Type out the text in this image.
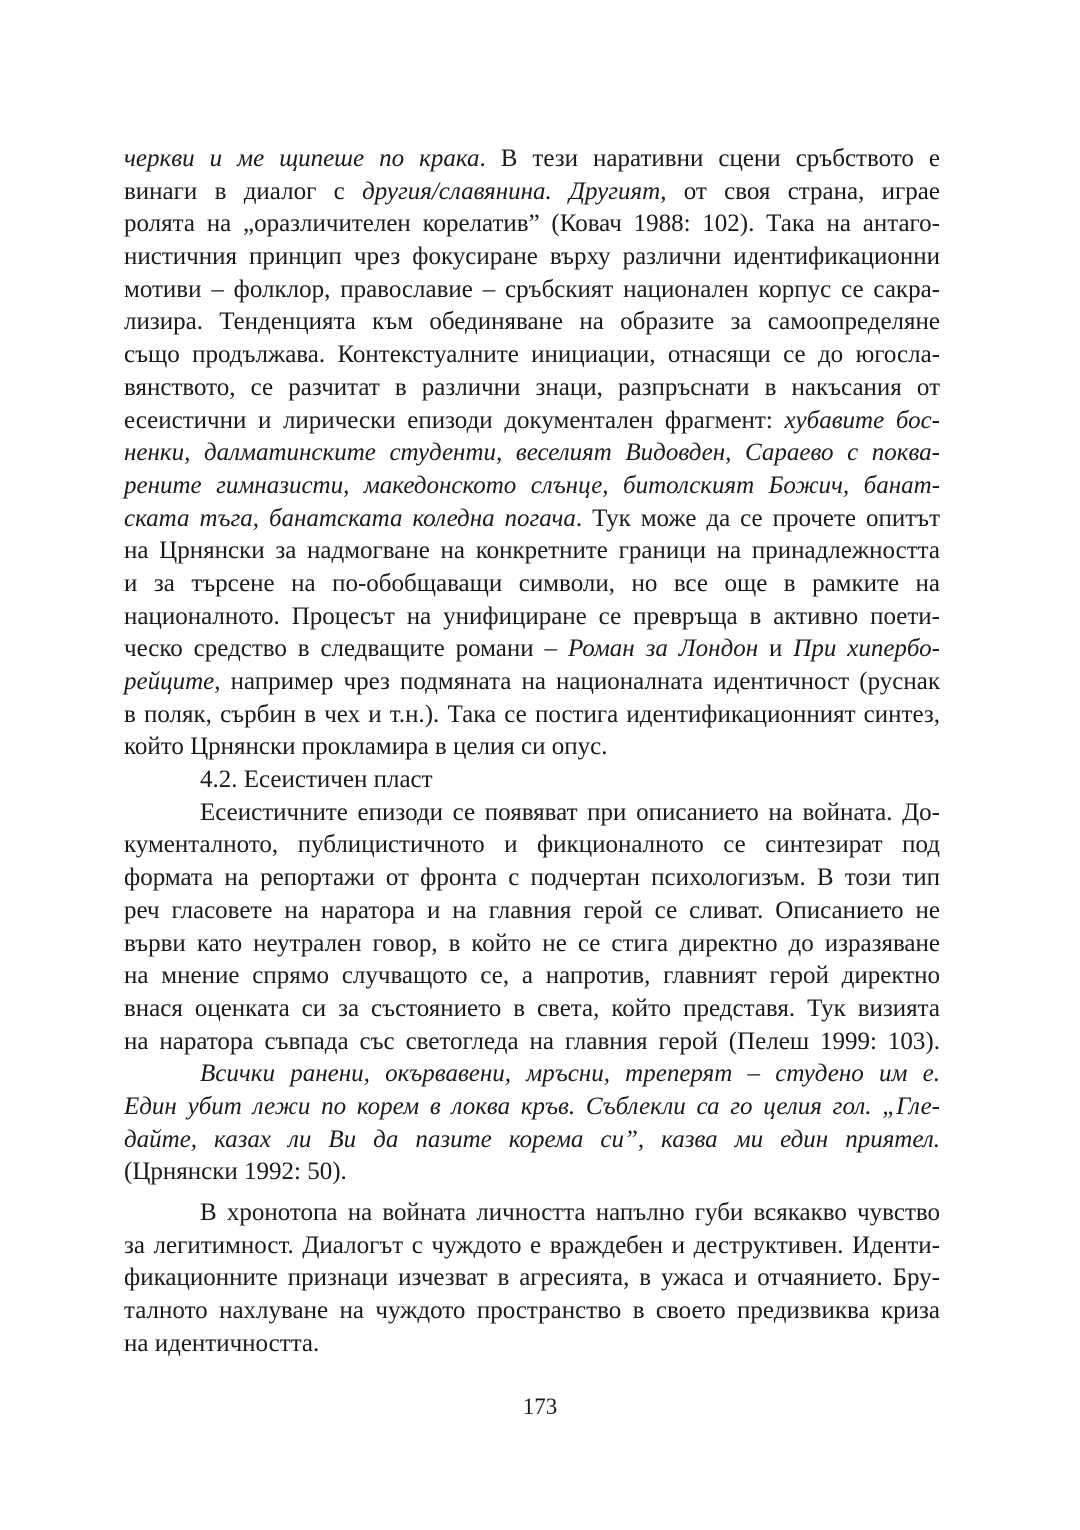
черкви и ме щипеше по крака. В тези наративни сцени сръбството е
винаги в диалог с другия/славянина. Другият, от своя страна, играе
ролята на „оразличителен корелатив” (Ковач 1988: 102). Така на антаго-
нистичния принцип чрез фокусиране върху различни идентификационни
мотиви – фолклор, православие – сръбският национален корпус се сакра-
лизира. Тенденцията към обединяване на образите за самоопределяне
също продължава. Контекстуалните инициации, отнасящи се до югосла-
вянството, се разчитат в различни знаци, разпръснати в накъсания от
есеистични и лирически епизоди документален фрагмент: хубавите бос-
ненки, далматинските студенти, веселият Видовден, Сараево с поква-
рените гимназисти, македонското слънце, битолският Божич, банат-
ската тъга, банатската коледна погача. Тук може да се прочете опитът
на Црнянски за надмогване на конкретните граници на принадлежността
и за търсене на по-обобщаващи символи, но все още в рамките на
националното. Процесът на унифициране се превръща в активно поети-
ческо средство в следващите романи – Роман за Лондон и При хипербо-
рейците, например чрез подмяната на националната идентичност (руснак
в поляк, сърбин в чех и т.н.). Така се постига идентификационният синтез,
който Црнянски прокламира в целия си опус.
4.2. Есеистичен пласт
Есеистичните епизоди се появяват при описанието на войната. До-
кументалното, публицистичното и фикционалното се синтезират под
формата на репортажи от фронта с подчертан психологизъм. В този тип
реч гласовете на наратора и на главния герой се сливат. Описанието не
върви като неутрален говор, в който не се стига директно до изразяване
на мнение спрямо случващото се, а напротив, главният герой директно
внася оценката си за състоянието в света, който представя. Тук визията
на наратора съвпада със светогледа на главния герой (Пелеш 1999: 103).
Всички ранени, окървавени, мръсни, треперят – студено им е.
Един убит лежи по корем в локва кръв. Съблекли са го целия гол. „Гле-
дайте, казах ли Ви да пазите корема си”, казва ми един приятел.
(Црнянски 1992: 50).
В хронотопа на войната личността напълно губи всякакво чувство
за легитимност. Диалогът с чуждото е враждебен и деструктивен. Иденти-
фикационните признаци изчезват в агресията, в ужаса и отчаянието. Бру-
талното нахлуване на чуждото пространство в своето предизвиква криза
на идентичността.
173
